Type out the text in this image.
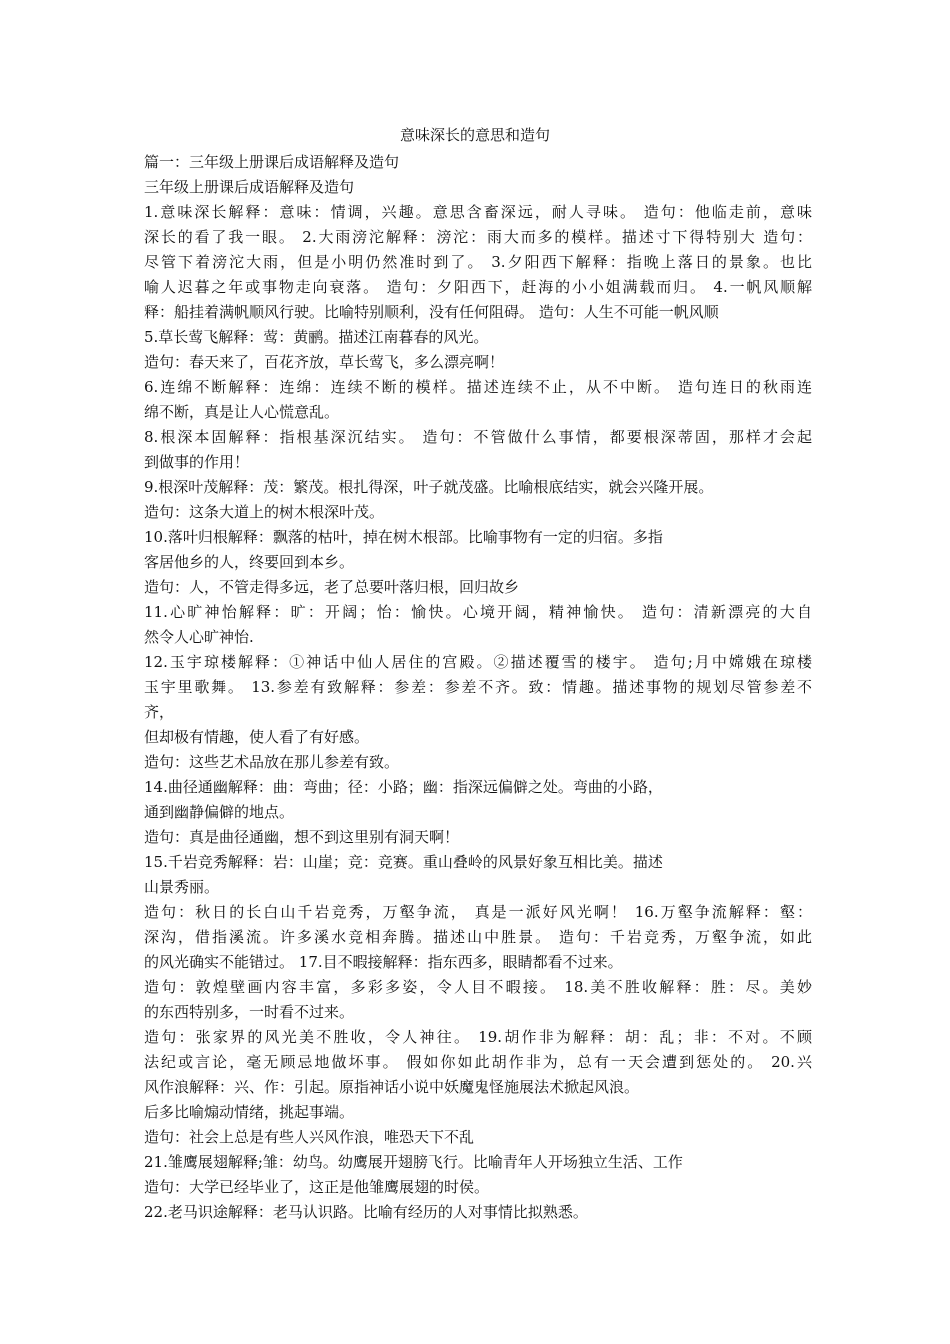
意味深长的意思和造句
篇一：三年级上册课后成语解释及造句
三年级上册课后成语解释及造句
1.意味深长解释：意味：情调，兴趣。意思含畜深远，耐人寻味。 造句：他临走前，意味
深长的看了我一眼。 2.大雨滂沱解释：滂沱：雨大而多的模样。描述寸下得特别大 造句：
尽管下着滂沱大雨，但是小明仍然准时到了。 3.夕阳西下解释：指晚上落日的景象。也比
喻人迟暮之年或事物走向衰落。 造句：夕阳西下，赶海的小小姐满载而归。 4.一帆风顺解
释：船挂着满帆顺风行驶。比喻特别顺利，没有任何阻碍。 造句：人生不可能一帆风顺
5.草长莺飞解释：莺：黄鹂。描述江南暮春的风光。
造句：春天来了，百花齐放，草长莺飞，多么漂亮啊！
6.连绵不断解释：连绵：连续不断的模样。描述连续不止，从不中断。 造句连日的秋雨连
绵不断，真是让人心慌意乱。
8.根深本固解释：指根基深沉结实。 造句：不管做什么事情，都要根深蒂固，那样才会起
到做事的作用！
9.根深叶茂解释：茂：繁茂。根扎得深，叶子就茂盛。比喻根底结实，就会兴隆开展。
造句：这条大道上的树木根深叶茂。
10.落叶归根解释：飘落的枯叶，掉在树木根部。比喻事物有一定的归宿。多指
客居他乡的人，终要回到本乡。
造句：人，不管走得多远，老了总要叶落归根，回归故乡
11.心旷神怡解释：旷：开阔；怡：愉快。心境开阔，精神愉快。 造句：清新漂亮的大自
然令人心旷神怡.
12.玉宇琼楼解释：①神话中仙人居住的宫殿。②描述覆雪的楼宇。 造句;月中嫦娥在琼楼
玉宇里歌舞。 13.参差有致解释：参差：参差不齐。致：情趣。描述事物的规划尽管参差不
齐，
但却极有情趣，使人看了有好感。
造句：这些艺术品放在那儿参差有致。
14.曲径通幽解释：曲：弯曲；径：小路；幽：指深远偏僻之处。弯曲的小路，
通到幽静偏僻的地点。
造句：真是曲径通幽，想不到这里别有洞天啊！
15.千岩竞秀解释：岩：山崖；竞：竞赛。重山叠岭的风景好象互相比美。描述
山景秀丽。
造句：秋日的长白山千岩竞秀，万壑争流， 真是一派好风光啊！ 16.万壑争流解释：壑：
深沟，借指溪流。许多溪水竞相奔腾。描述山中胜景。 造句：千岩竞秀，万壑争流，如此
的风光确实不能错过。 17.目不暇接解释：指东西多，眼睛都看不过来。
造句：敦煌壁画内容丰富，多彩多姿，令人目不暇接。 18.美不胜收解释：胜：尽。美妙
的东西特别多，一时看不过来。
造句：张家界的风光美不胜收，令人神往。 19.胡作非为解释：胡：乱；非：不对。不顾
法纪或言论，毫无顾忌地做坏事。 假如你如此胡作非为，总有一天会遭到惩处的。 20.兴
风作浪解释：兴、作：引起。原指神话小说中妖魔鬼怪施展法术掀起风浪。
后多比喻煽动情绪，挑起事端。
造句：社会上总是有些人兴风作浪，唯恐天下不乱
21.雏鹰展翅解释;雏：幼鸟。幼鹰展开翅膀飞行。比喻青年人开场独立生活、工作
造句：大学已经毕业了，这正是他雏鹰展翅的时侯。
22.老马识途解释：老马认识路。比喻有经历的人对事情比拟熟悉。
